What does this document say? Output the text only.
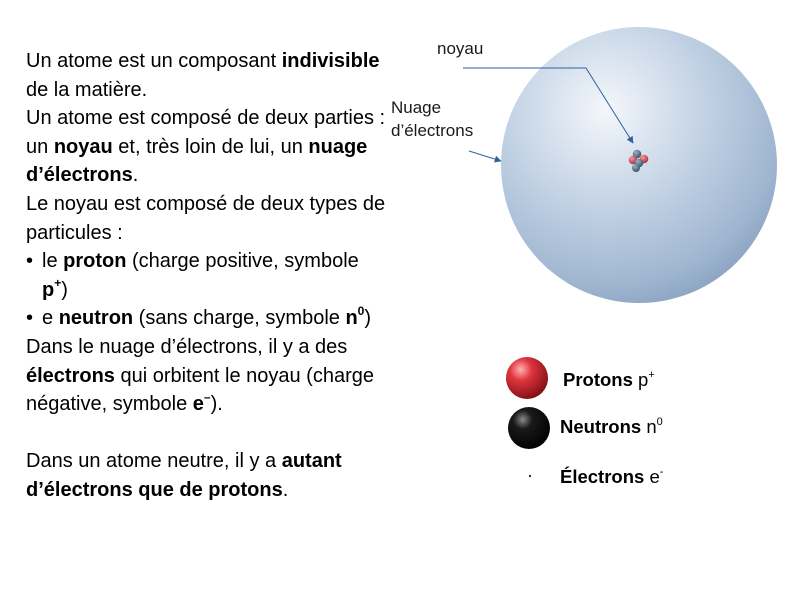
Un atome est un composant indivisible de la matière.

Un atome est composé de deux parties : un noyau et, très loin de lui, un nuage d’électrons.

Le noyau est composé de deux types de particules :

• le proton (charge positive, symbole p+)

• e neutron (sans charge, symbole $n^0$)

Dans le nuage d’électrons, il y a des électrons qui orbitent le noyau (charge négative, symbole e–).

Dans un atome neutre, il y a autant d’électrons que de protons.

noyau
Nuage
d’électrons
Protons p+
Neutrons $n^0$
Électrons e-
